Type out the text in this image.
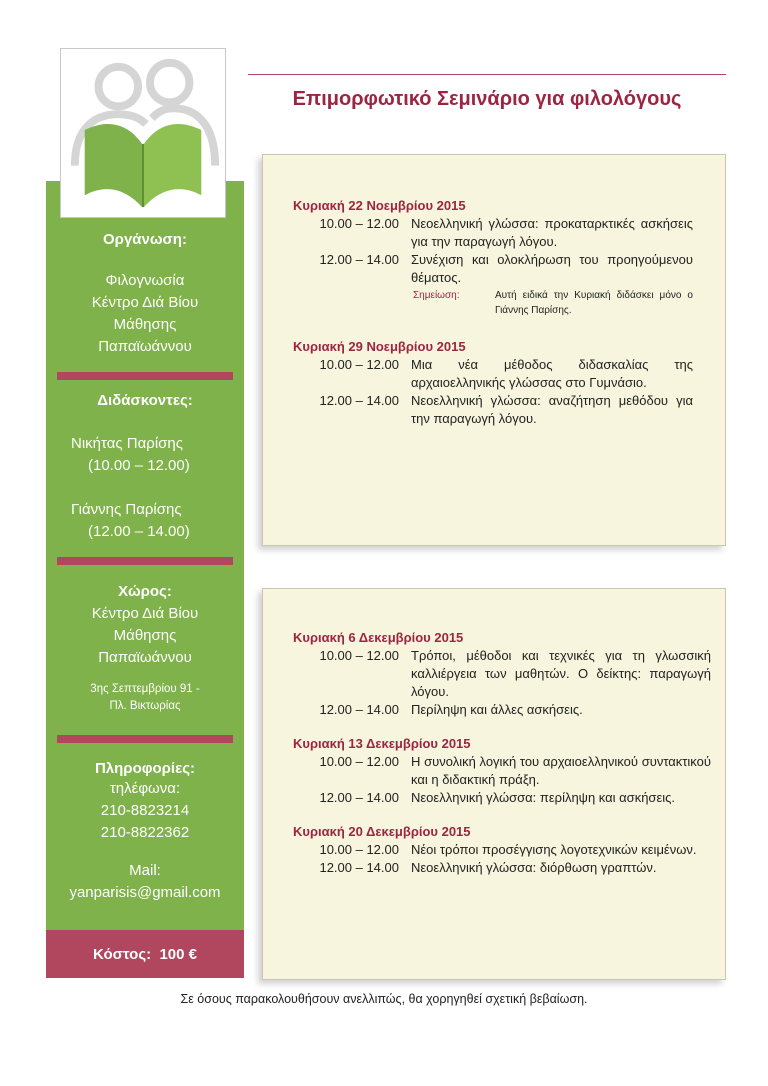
Οργάνωση:
Φιλογνωσία
Κέντρο Διά Βίου
Μάθησης
Παπαϊωάννου
Διδάσκοντες:
Νικήτας Παρίσης
(10.00 – 12.00)
Γιάννης Παρίσης
(12.00 – 14.00)
Χώρος:
Κέντρο Διά Βίου
Μάθησης
Παπαϊωάννου
3ης Σεπτεμβρίου 91 -
Πλ. Βικτωρίας
Πληροφορίες:
τηλέφωνα:
210-8823214
210-8822362
Mail:
yanparisis@gmail.com
Κόστος:  100 €
Επιμορφωτικό Σεμινάριο για φιλολόγους
Κυριακή 22 Νοεμβρίου 2015
10.00 – 12.00 Νεοελληνική γλώσσα: προκαταρκτικές ασκήσεις για την παραγωγή λόγου.
12.00 – 14.00 Συνέχιση και ολοκλήρωση του προηγούμενου θέματος.
Σημείωση:	Αυτή ειδικά την Κυριακή διδάσκει μόνο ο Γιάννης Παρίσης.
Κυριακή 29 Νοεμβρίου 2015
10.00 – 12.00 Μια νέα μέθοδος διδασκαλίας της αρχαιοελληνικής γλώσσας στο Γυμνάσιο.
12.00 – 14.00 Νεοελληνική γλώσσα: αναζήτηση μεθόδου για την παραγωγή λόγου.
Κυριακή 6 Δεκεμβρίου 2015
10.00 – 12.00 Τρόποι, μέθοδοι και τεχνικές για τη γλωσσική καλλιέργεια των μαθητών. Ο δείκτης: παραγωγή λόγου.
12.00 – 14.00 Περίληψη και άλλες ασκήσεις.
Κυριακή 13 Δεκεμβρίου 2015
10.00 – 12.00 Η συνολική λογική του αρχαιοελληνικού συντακτικού και η διδακτική πράξη.
12.00 – 14.00 Νεοελληνική γλώσσα: περίληψη και ασκήσεις.
Κυριακή 20 Δεκεμβρίου 2015
10.00 – 12.00 Νέοι τρόποι προσέγγισης λογοτεχνικών κειμένων.
12.00 – 14.00 Νεοελληνική γλώσσα: διόρθωση γραπτών.
Σε όσους παρακολουθήσουν ανελλιπώς, θα χορηγηθεί σχετική βεβαίωση.
